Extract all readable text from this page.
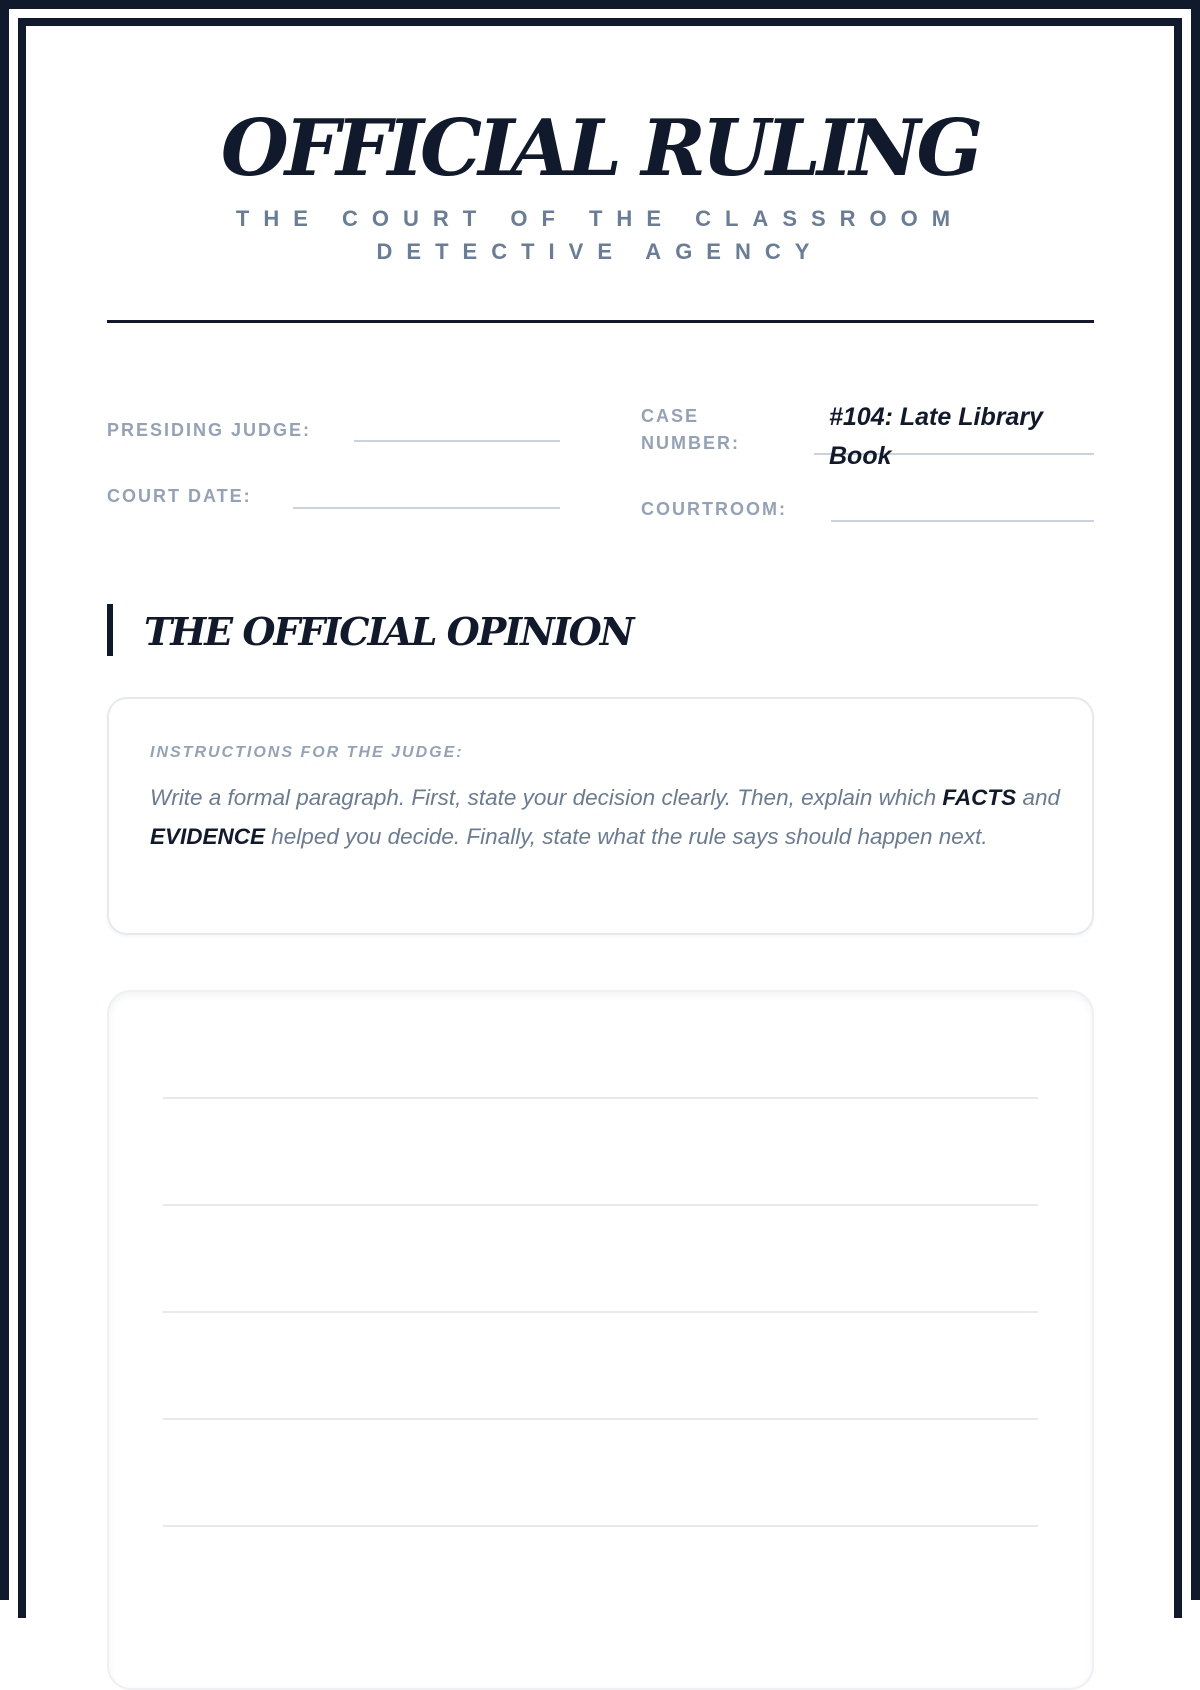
OFFICIAL RULING

THE COURT OF THE CLASSROOM DETECTIVE AGENCY

PRESIDING JUDGE:
COURT DATE:
CASE
NUMBER:
#104: Late Library
Book
COURTROOM:
THE OFFICIAL OPINION
INSTRUCTIONS FOR THE JUDGE:

Write a formal paragraph. First, state your decision clearly. Then, explain which FACTS and EVIDENCE helped you decide. Finally, state what the rule says should happen next.
